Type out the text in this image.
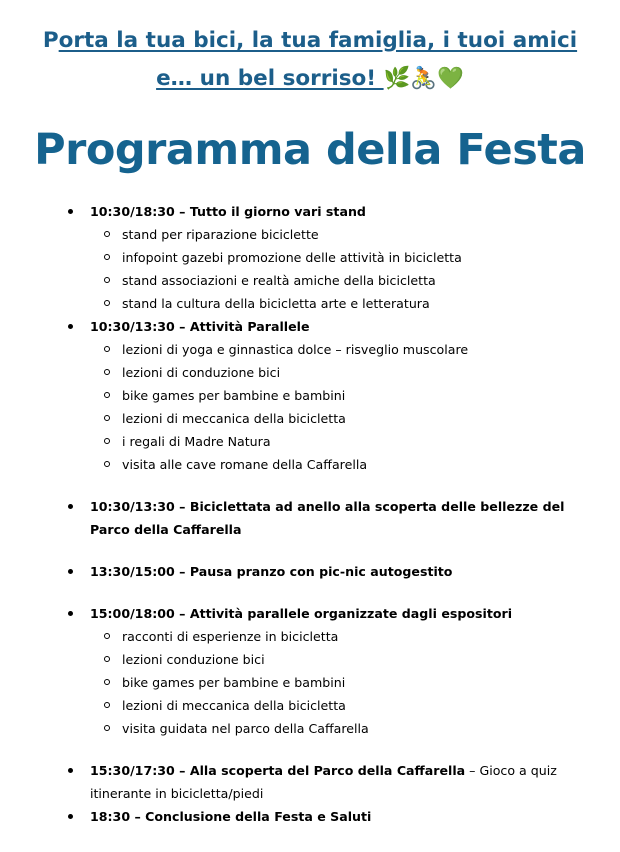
Porta la tua bici, la tua famiglia, i tuoi amici
e… un bel sorriso! 🌿🚴💚
Programma della Festa
10:30/18:30 – Tutto il giorno vari stand
stand per riparazione biciclette
infopoint gazebi promozione delle attività in bicicletta
stand associazioni e realtà amiche della bicicletta
stand la cultura della bicicletta arte e letteratura
10:30/13:30 – Attività Parallele
lezioni di yoga e ginnastica dolce – risveglio muscolare
lezioni di conduzione bici
bike games per bambine e bambini
lezioni di meccanica della bicicletta
i regali di Madre Natura
visita alle cave romane della Caffarella
10:30/13:30 – Biciclettata ad anello alla scoperta delle bellezze del Parco della Caffarella
13:30/15:00 – Pausa pranzo con pic-nic autogestito
15:00/18:00 – Attività parallele organizzate dagli espositori
racconti di esperienze in bicicletta
lezioni conduzione bici
bike games per bambine e bambini
lezioni di meccanica della bicicletta
visita guidata nel parco della Caffarella
15:30/17:30 – Alla scoperta del Parco della Caffarella – Gioco a quiz itinerante in bicicletta/piedi
18:30 – Conclusione della Festa e Saluti
